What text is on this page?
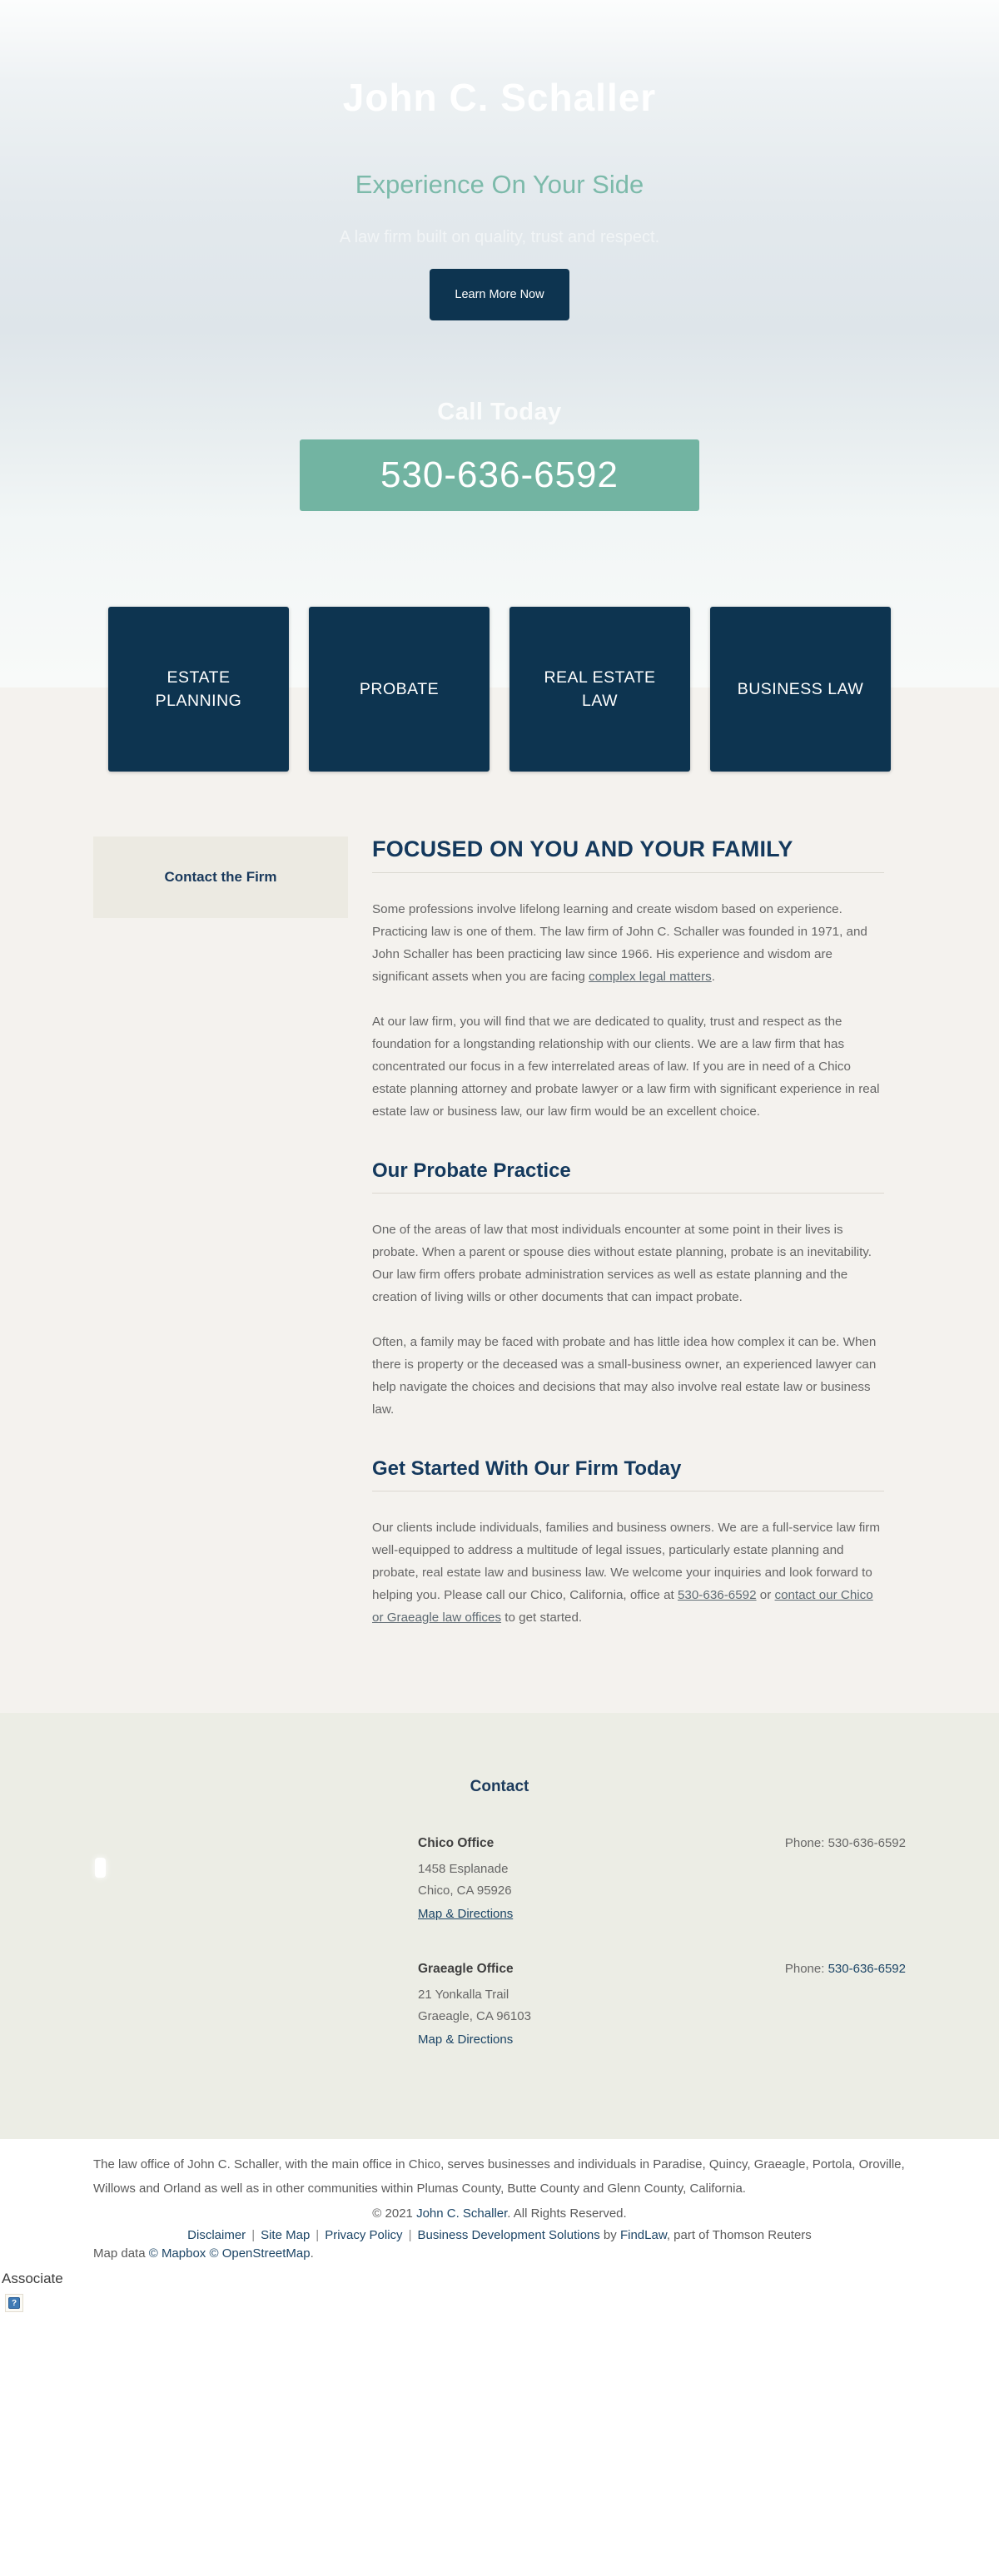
John C. Schaller
Experience On Your Side
A law firm built on quality, trust and respect.
Learn More Now
Call Today
530-636-6592
ESTATE PLANNING
PROBATE
REAL ESTATE LAW
BUSINESS LAW
Contact the Firm
FOCUSED ON YOU AND YOUR FAMILY

Some professions involve lifelong learning and create wisdom based on experience. Practicing law is one of them. The law firm of John C. Schaller was founded in 1971, and John Schaller has been practicing law since 1966. His experience and wisdom are significant assets when you are facing complex legal matters.

At our law firm, you will find that we are dedicated to quality, trust and respect as the foundation for a longstanding relationship with our clients. We are a law firm that has concentrated our focus in a few interrelated areas of law. If you are in need of a Chico estate planning attorney and probate lawyer or a law firm with significant experience in real estate law or business law, our law firm would be an excellent choice.

Our Probate Practice

One of the areas of law that most individuals encounter at some point in their lives is probate. When a parent or spouse dies without estate planning, probate is an inevitability. Our law firm offers probate administration services as well as estate planning and the creation of living wills or other documents that can impact probate.

Often, a family may be faced with probate and has little idea how complex it can be. When there is property or the deceased was a small-business owner, an experienced lawyer can help navigate the choices and decisions that may also involve real estate law or business law.

Get Started With Our Firm Today

Our clients include individuals, families and business owners. We are a full-service law firm well-equipped to address a multitude of legal issues, particularly estate planning and probate, real estate law and business law. We welcome your inquiries and look forward to helping you. Please call our Chico, California, office at 530-636-6592 or contact our Chico or Graeagle law offices to get started.

Contact
Chico Office
1458 Esplanade
Chico, CA 95926
Map & Directions
Phone: 530-636-6592
Graeagle Office
21 Yonkalla Trail
Graeagle, CA 96103
Map & Directions
Phone: 530-636-6592

The law office of John C. Schaller, with the main office in Chico, serves businesses and individuals in Paradise, Quincy, Graeagle, Portola, Oroville, Willows and Orland as well as in other communities within Plumas County, Butte County and Glenn County, California.

© 2021 John C. Schaller. All Rights Reserved.
Disclaimer | Site Map | Privacy Policy | Business Development Solutions by FindLaw, part of Thomson Reuters
Map data © Mapbox © OpenStreetMap.
Associate
?
